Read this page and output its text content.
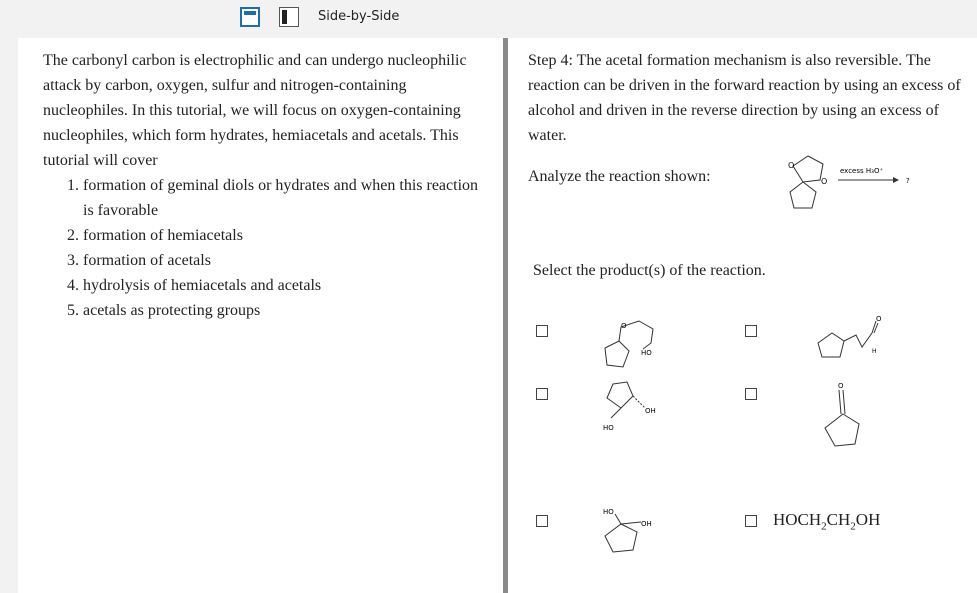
Side-by-Side

The carbonyl carbon is electrophilic and can undergo nucleophilic attack by carbon, oxygen, sulfur and nitrogen-containing nucleophiles. In this tutorial, we will focus on oxygen-containing nucleophiles, which form hydrates, hemiacetals and acetals. This tutorial will cover

1. formation of geminal diols or hydrates and when this reaction is favorable
2. formation of hemiacetals
3. formation of acetals
4. hydrolysis of hemiacetals and acetals
5. acetals as protecting groups
Step 4: The acetal formation mechanism is also reversible. The reaction can be driven in the forward reaction by using an excess of alcohol and driven in the reverse direction by using an excess of water.
Analyze the reaction shown:
O
O
excess H₃O⁺
?
Select the product(s) of the reaction.
O
HO
O
H
HO
OH
O
HO
OH	$HOCH_2CH_2OH$
